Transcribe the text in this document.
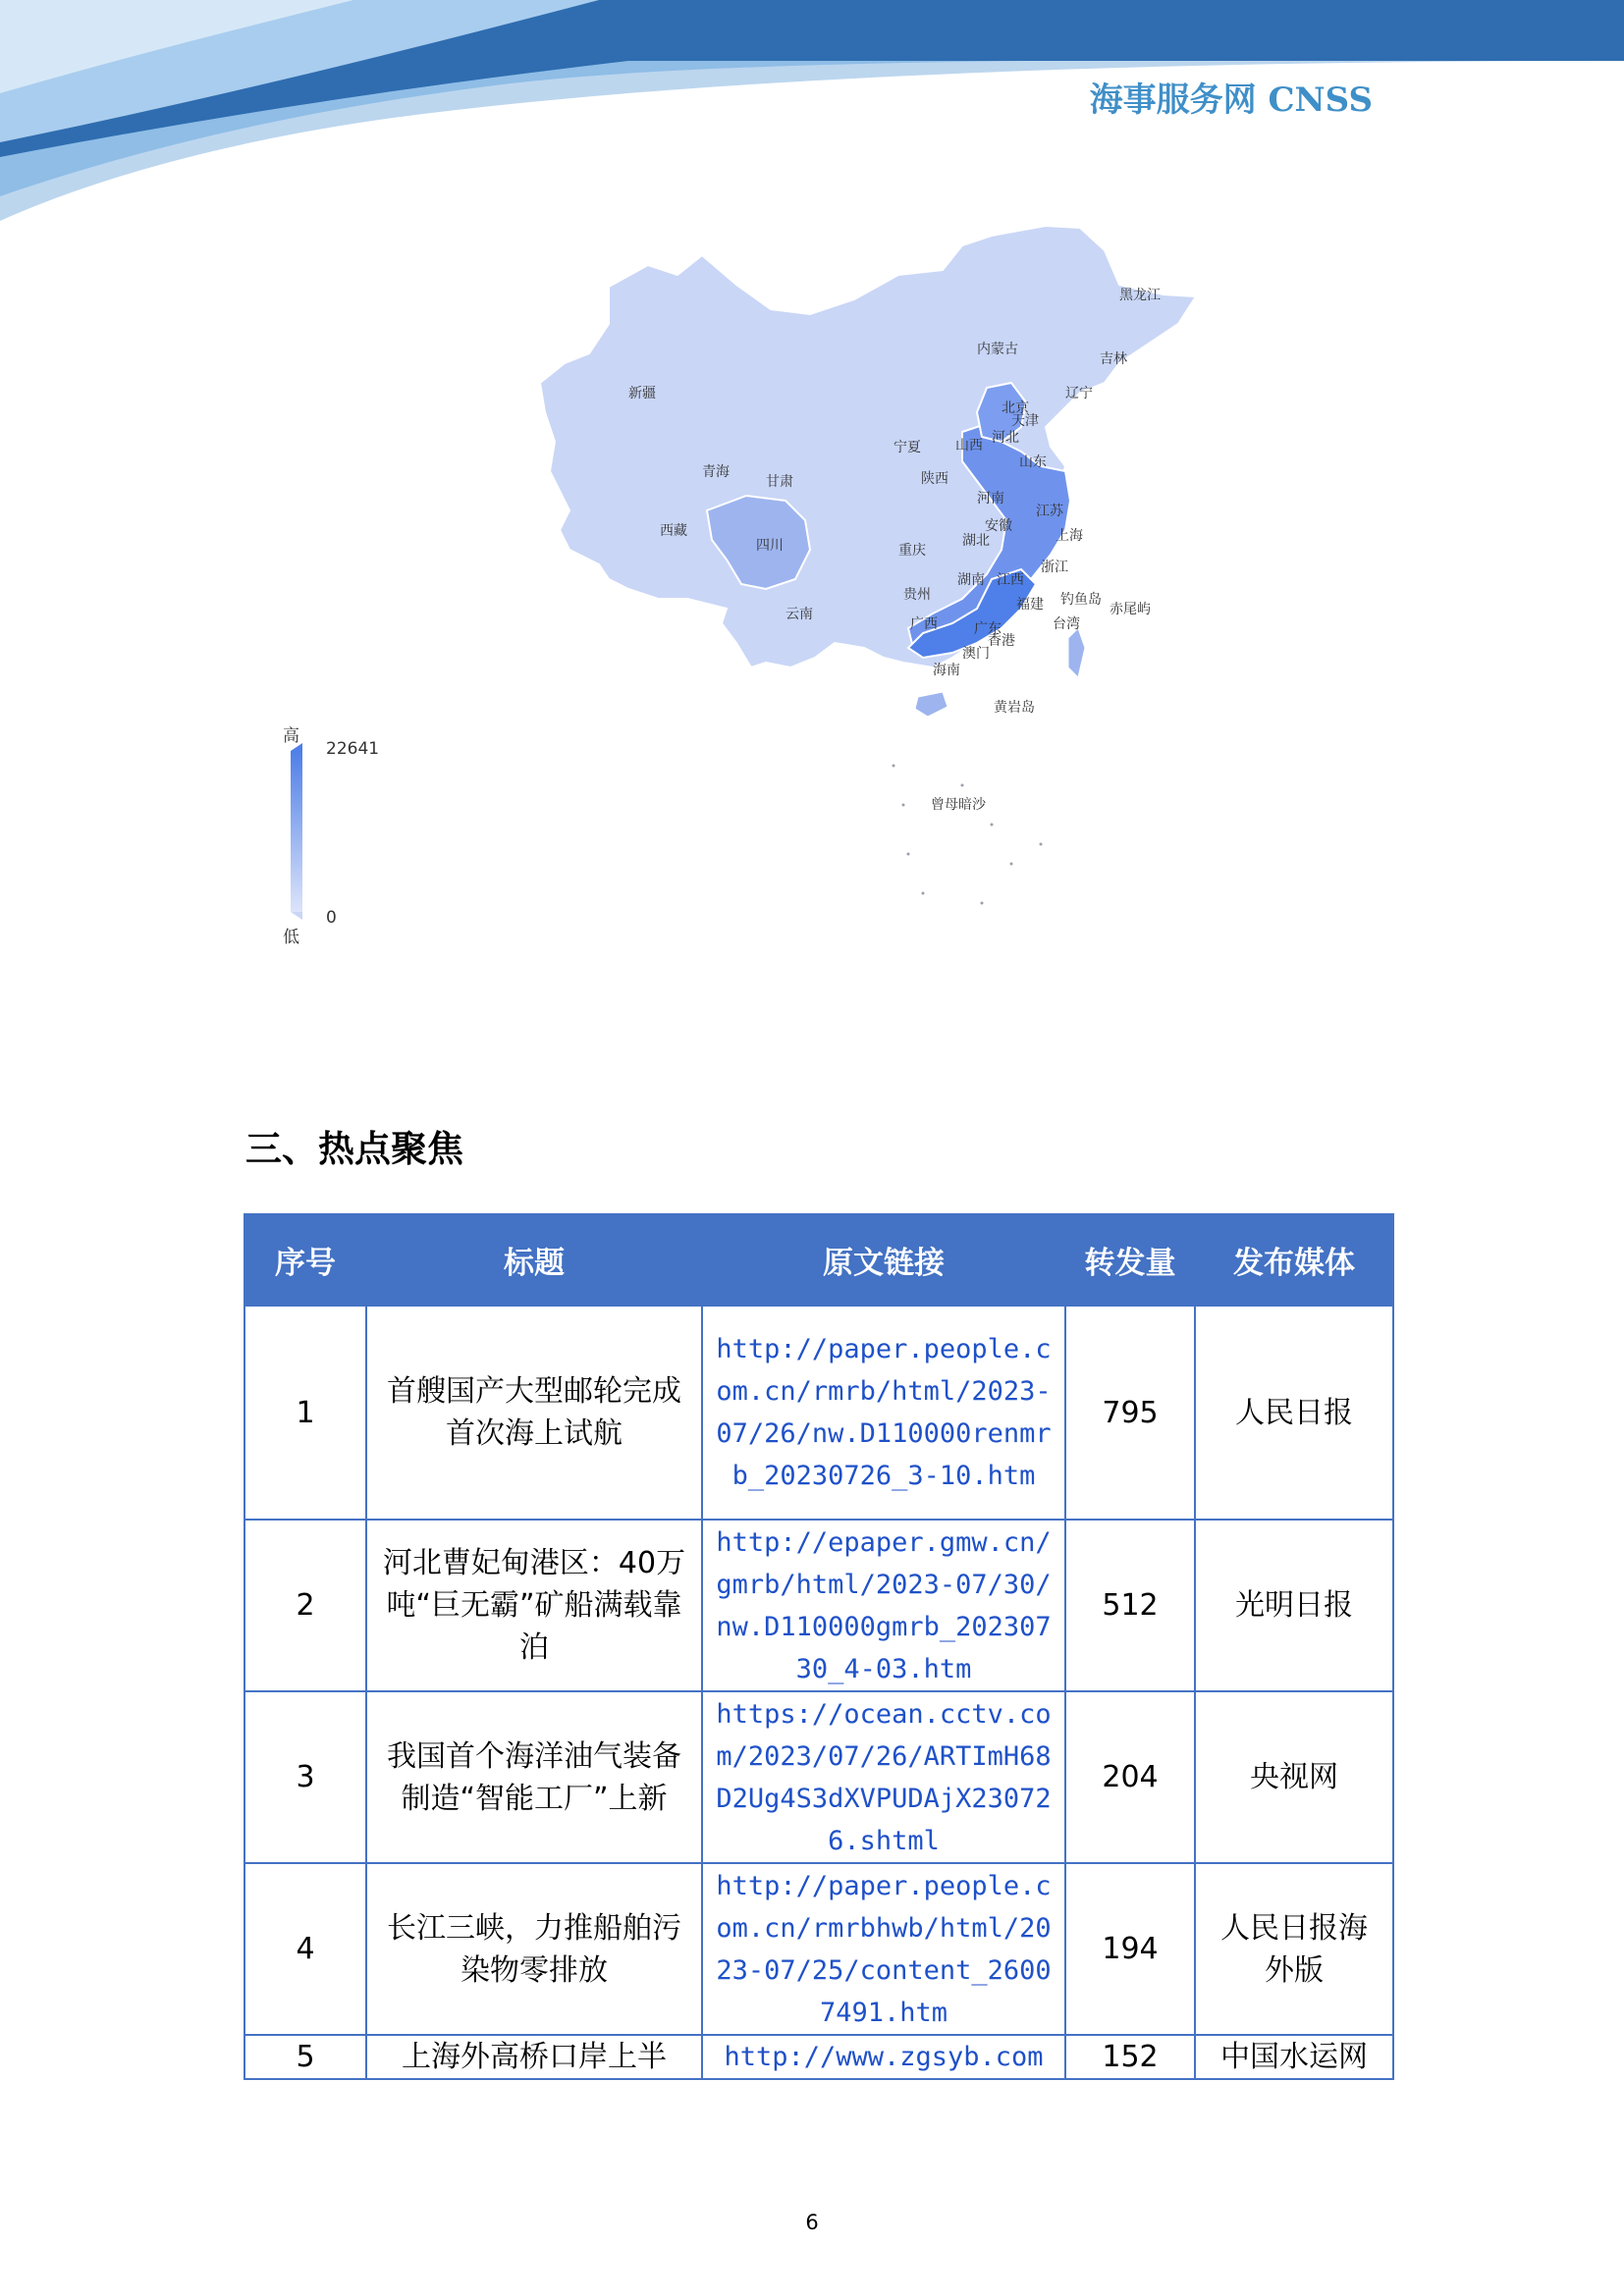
海事服务网 CNSS
黑龙江
内蒙古
吉林
辽宁
新疆
北京
天津
河北
山西
宁夏
山东
青海
甘肃	陕西
河南
江苏
西藏	安徽
上海
四川	重庆
湖北
浙江
湖南 江西
贵州
福建 钓鱼岛
赤尾屿
云南
广西	广东	台湾
香港
澳门
海南
黄岩岛
曾母暗沙
高
22641
0
低
三、热点聚焦
序号	标题	原文链接	转发量	发布媒体
1	首艘国产大型邮轮完成首次海上试航	http://paper.people.com.cn/rmrb/html/2023-07/26/nw.D110000renmrb_20230726_3-10.htm	795	人民日报
2	河北曹妃甸港区：40万吨“巨无霸”矿船满载靠泊	http://epaper.gmw.cn/gmrb/html/2023-07/30/nw.D110000gmrb_20230730_4-03.htm	512	光明日报
3	我国首个海洋油气装备制造“智能工厂”上新	https://ocean.cctv.com/2023/07/26/ARTImH68D2Ug4S3dXVPUDAjX230726.shtml	204	央视网
4	长江三峡，力推船舶污染物零排放	http://paper.people.com.cn/rmrbhwb/html/2023-07/25/content_26007491.htm	194	人民日报海外版
5	上海外高桥口岸上半	http://www.zgsyb.com	152	中国水运网
6
